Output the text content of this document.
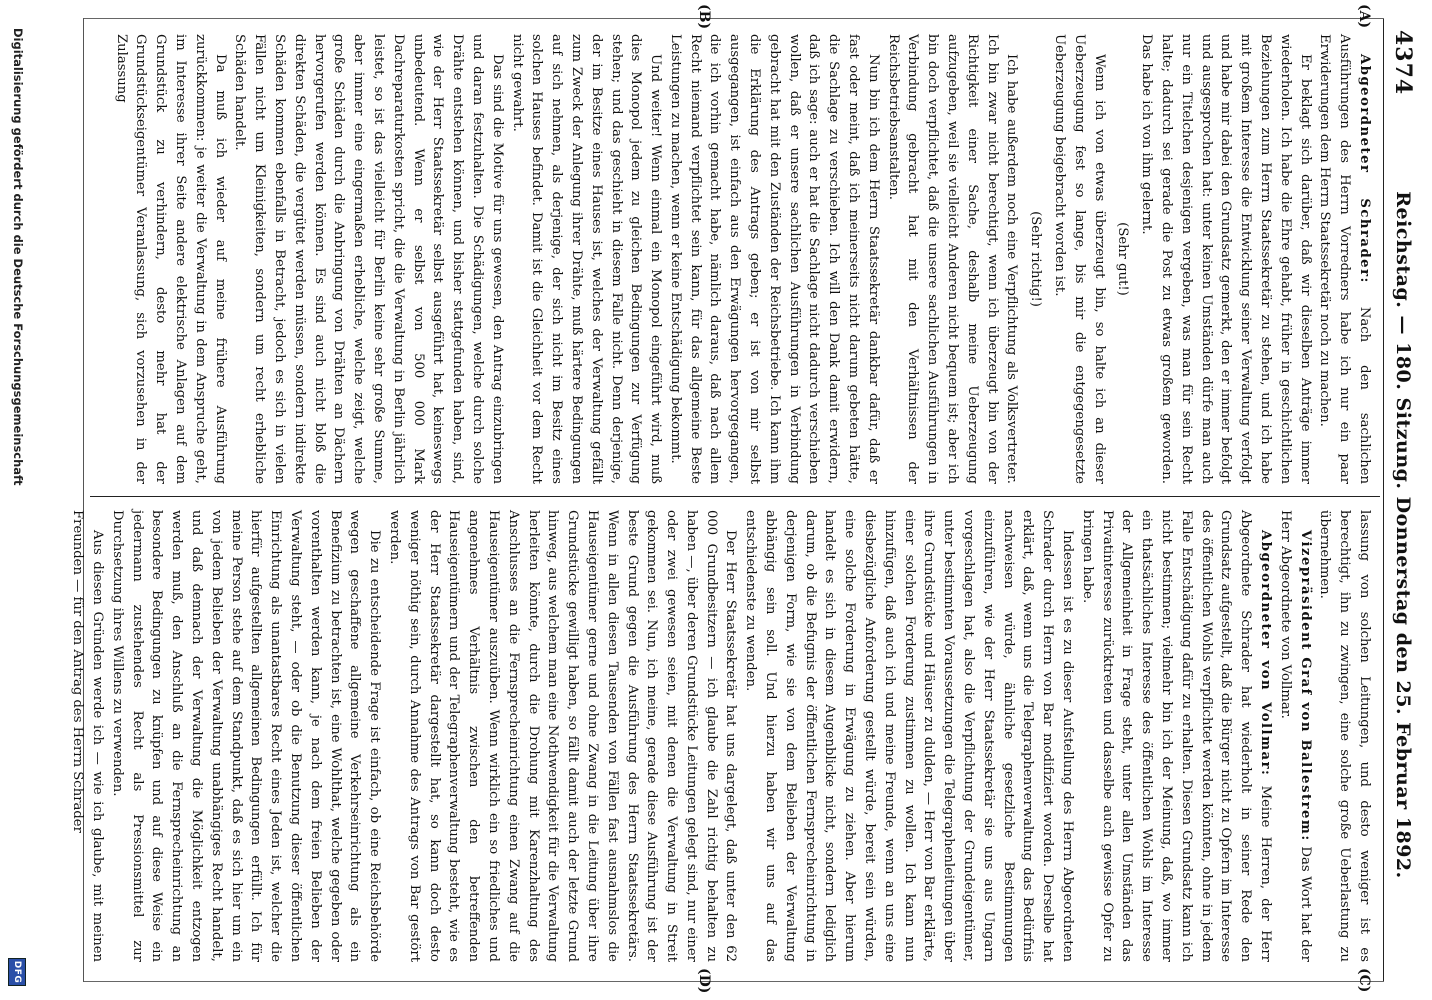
4374
Reichstag. — 180. Sitzung. Donnerstag den 25. Februar 1892.
(A)
(B)
(C)
(D)

Abgeordneter Schrader: Nach den sachlichen Ausführungen des Herrn Vorredners habe ich nur ein paar Erwiderungen dem Herrn Staatssekretär noch zu machen.

Er beklagt sich darüber, daß wir dieselben Anträge immer wiederholen. Ich habe die Ehre gehabt, früher in geschichtlichen Beziehungen zum Herrn Staatssekretär zu stehen, und ich habe mit großem Interesse die Entwicklung seiner Verwaltung verfolgt und habe mir dabei den Grundsatz gemerkt, den er immer befolgt und ausgesprochen hat: unter keinen Umständen dürfe man auch nur ein Titelchen desjenigen vergeben, was man für sein Recht halte; dadurch sei gerade die Post zu etwas großem geworden. Das habe ich von ihm gelernt.

(Sehr gut!)

Wenn ich von etwas überzeugt bin, so halte ich an dieser Ueberzeugung fest so lange, bis mir die entgegengesetzte Ueberzeugung beigebracht worden ist.

(Sehr richtig!)

Ich habe außerdem noch eine Verpflichtung als Volksvertreter. Ich bin zwar nicht berechtigt, wenn ich überzeugt bin von der Richtigkeit einer Sache, deshalb meine Ueberzeugung aufzugeben, weil sie vielleicht Anderen nicht bequem ist; aber ich bin doch verpflichtet, daß die unsere sachlichen Ausführungen in Verbindung gebracht hat mit den Verhältnissen der Reichsbetriebsanstalten.

Nun bin ich dem Herrn Staatssekretär dankbar dafür, daß er fast oder meint, daß ich meinerseits nicht darum gebeten hätte, die Sachlage zu verschieben. Ich will den Dank damit erwidern, daß ich sage: auch er hat die Sachlage nicht dadurch verschieben wollen, daß er unsere sachlichen Ausführungen in Verbindung gebracht hat mit den Zuständen der Reichsbetriebe. Ich kann ihm die Erklärung des Antrags geben; er ist von mir selbst ausgegangen, ist einfach aus den Erwägungen hervorgegangen, die ich vorhin gemacht habe, nämlich daraus, daß nach allem Recht niemand verpflichtet sein kann, für das allgemeine Beste Leistungen zu machen, wenn er keine Entschädigung bekommt.

Und weiter! Wenn einmal ein Monopol eingeführt wird, muß dies Monopol jedem zu gleichen Bedingungen zur Verfügung stehen; und das geschieht in diesem Falle nicht. Denn derjenige, der im Besitze eines Hauses ist, welches der Verwaltung gefällt zum Zweck der Anlegung ihrer Drähte, muß härtere Bedingungen auf sich nehmen, als derjenige, der sich nicht im Besitz eines solchen Hauses befindet. Damit ist die Gleichheit vor dem Recht nicht gewahrt.

Das sind die Motive für uns gewesen, den Antrag einzubringen und daran festzuhalten. Die Schädigungen, welche durch solche Drähte entstehen können, und bisher stattgefunden haben, sind, wie der Herr Staatssekretär selbst ausgeführt hat, keineswegs unbedeutend. Wenn er selbst von 500 000 Mark Dachreparaturkosten spricht, die die Verwaltung in Berlin jährlich leistet, so ist das vielleicht für Berlin keine sehr große Summe, aber immer eine eingermaßen erhebliche, welche zeigt, welche große Schäden durch die Anbringung von Drähten an Dächern hervorgerufen werden können. Es sind auch nicht bloß die direkten Schäden, die vergütet werden müssen, sondern indirekte Schäden kommen ebenfalls in Betracht, jedoch es sich in vielen Fällen nicht um Kleinigkeiten, sondern um recht erhebliche Schäden handelt.

Da muß ich wieder auf meine frühere Ausführung zurückkommen: je weiter die Verwaltung in dem Anspruche geht, im Interesse ihrer Seite andere elektrische Anlagen auf dem Grundstück zu verhindern, desto mehr hat der Grundstückseigentümer Veranlassung, sich vorzusehen in der Zulassung

lassung von solchen Leitungen, und desto weniger ist es berechtigt, ihn zu zwingen, eine solche große Ueberlastung zu übernehmen.

Vizepräsident Graf von Ballestrem: Das Wort hat der Herr Abgeordnete von Vollmar.

Abgeordneter von Vollmar: Meine Herren, der Herr Abgeordnete Schrader hat wiederholt in seiner Rede den Grundsatz aufgestellt, daß die Bürger nicht zu Opfern im Interesse des öffentlichen Wohls verpflichtet werden könnten, ohne in jedem Falle Entschädigung dafür zu erhalten. Diesen Grundsatz kann ich nicht bestimmen; vielmehr bin ich der Meinung, daß, wo immer ein thatsächliches Interesse des öffentlichen Wohls im Interesse der Allgemeinheit in Frage steht, unter allen Umständen das Privatinteresse zurücktreten und dasselbe auch gewisse Opfer zu bringen habe.

Indessen ist es zu dieser Aufstellung des Herrn Abgeordneten Schrader durch Herrn von Bar modifiziert worden. Derselbe hat erklärt, daß, wenn uns die Telegraphenverwaltung das Bedürfnis nachweisen würde, ähnliche gesetzliche Bestimmungen einzuführen, wie der Herr Staatssekretär sie uns aus Ungarn vorgeschlagen hat, also die Verpflichtung der Grundeigentümer, unter bestimmten Voraussetzungen die Telegraphenleitungen über ihre Grundstücke und Häuser zu dulden, — Herr von Bar erklärte, einer solchen Forderung zustimmen zu wollen. Ich kann nun hinzufügen, daß auch ich und meine Freunde, wenn an uns eine diesbezügliche Anforderung gestellt würde, bereit sein würden, eine solche Forderung in Erwägung zu ziehen. Aber hierum handelt es sich in diesem Augenblicke nicht, sondern lediglich darum, ob die Befugnis der öffentlichen Fernsprecheinrichtung in derjenigen Form, wie sie von dem Belieben der Verwaltung abhängig sein soll. Und hierzu haben wir uns auf das entschiedenste zu wenden.

Der Herr Staatssekretär hat uns dargelegt, daß unter den 62 000 Grundbesitzern — ich glaube die Zahl richtig behalten zu haben —, über deren Grundstücke Leitungen gelegt sind, nur einer oder zwei gewesen seien, mit denen die Verwaltung in Streit gekommen sei. Nun, ich meine, gerade diese Ausführung ist der beste Grund gegen die Ausführung des Herrn Staatssekretärs. Wenn in allen diesen Tausenden von Fällen fast ausnahmslos die Hauseigentümer gerne und ohne Zwang in die Leitung über ihre Grundstücke gewilligt haben, so fällt damit auch der letzte Grund hinweg, aus welchem man eine Nothwendigkeit für die Verwaltung herleiten könnte, durch die Drohung mit Karenzhaltung des Anschlusses an die Fernsprecheinrichtung einen Zwang auf die Hauseigentümer auszuüben. Wenn wirklich ein so friedliches und angenehmes Verhältnis zwischen den betreffenden Hauseigentümern und der Telegraphenverwaltung besteht, wie es der Herr Staatssekretär dargestellt hat, so kann doch desto weniger nöthig sein, durch Annahme des Antrags von Bar gestört werden.

Die zu entscheidende Frage ist einfach, ob eine Reichsbehörde wegen geschaffene allgemeine Verkehrseinrichtung als ein Benefizium zu betrachten ist, eine Wohlthat, welche gegeben oder vorenthalten werden kann, je nach dem freien Belieben der Verwaltung steht, — oder ob die Benutzung dieser öffentlichen Einrichtung als unantastbares Recht eines Jeden ist, welcher die hierfür aufgestellten allgemeinen Bedingungen erfüllt. Ich für meine Person stehe auf dem Standpunkt, daß es sich hier um ein von jedem Belieben der Verwaltung unabhängiges Recht handelt, und daß demnach der Verwaltung die Möglichkeit entzogen werden muß, den Anschluß an die Fernsprecheinrichtung an besondere Bedingungen zu knüpfen und auf diese Weise ein jedermann zustehendes Recht als Pressionsmittel zur Durchsetzung ihres Willens zu verwenden.

Aus diesen Gründen werde ich — wie ich glaube, mit meinen Freunden — für den Antrag des Herrn Schrader

Digitalisierung gefördert durch die Deutsche Forschungsgemeinschaft
DFG
